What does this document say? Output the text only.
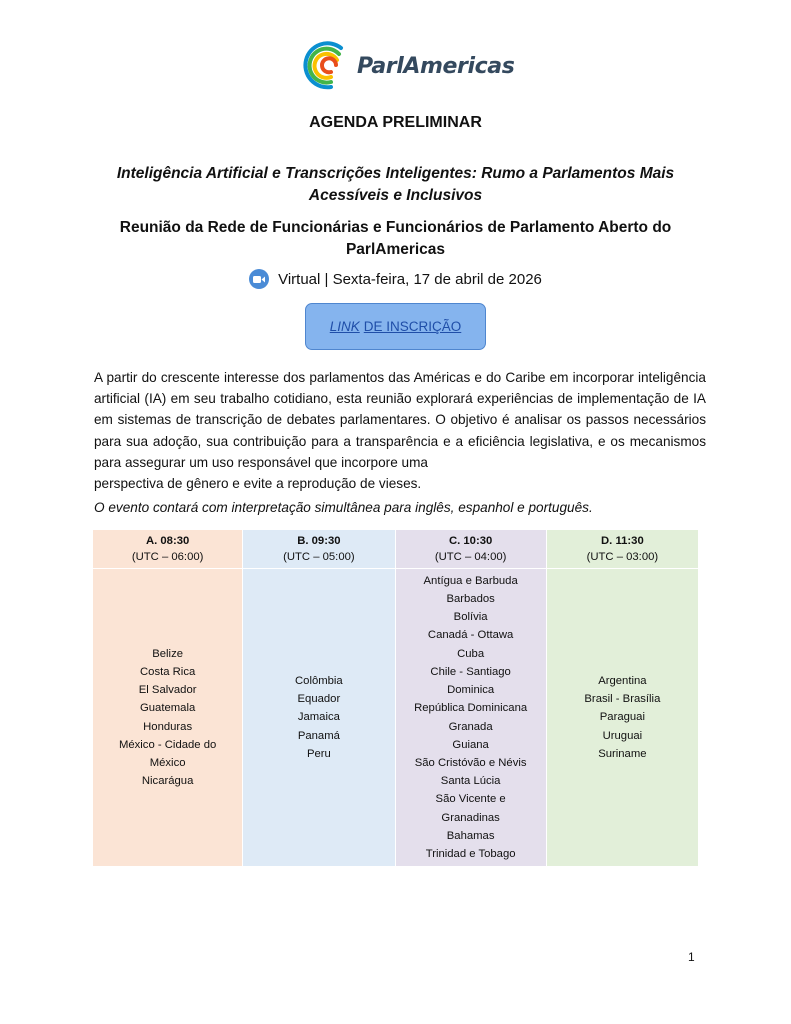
ParlAmericas
AGENDA PRELIMINAR
Inteligência Artificial e Transcrições Inteligentes: Rumo a Parlamentos Mais Acessíveis e Inclusivos
Reunião da Rede de Funcionárias e Funcionários de Parlamento Aberto do ParlAmericas
Virtual | Sexta-feira, 17 de abril de 2026
LINK DE INSCRIÇÃO
A partir do crescente interesse dos parlamentos das Américas e do Caribe em incorporar inteligência artificial (IA) em seu trabalho cotidiano, esta reunião explorará experiências de implementação de IA em sistemas de transcrição de debates parlamentares. O objetivo é analisar os passos necessários para sua adoção, sua contribuição para a transparência e a eficiência legislativa, e os mecanismos para assegurar um uso responsável que incorpore uma
perspectiva de gênero e evite a reprodução de vieses.
O evento contará com interpretação simultânea para inglês, espanhol e português.
A. 08:30
(UTC – 06:00)
Belize
Costa Rica
El Salvador
Guatemala
Honduras
México - Cidade do
México
Nicarágua
B. 09:30
(UTC – 05:00)
Colômbia
Equador
Jamaica
Panamá
Peru
C. 10:30
(UTC – 04:00)
Antígua e Barbuda
Barbados
Bolívia
Canadá - Ottawa
Cuba
Chile - Santiago
Dominica
República Dominicana
Granada
Guiana
São Cristóvão e Névis
Santa Lúcia
São Vicente e
Granadinas
Bahamas
Trinidad e Tobago
D. 11:30
(UTC – 03:00)
Argentina
Brasil - Brasília
Paraguai
Uruguai
Suriname
1
